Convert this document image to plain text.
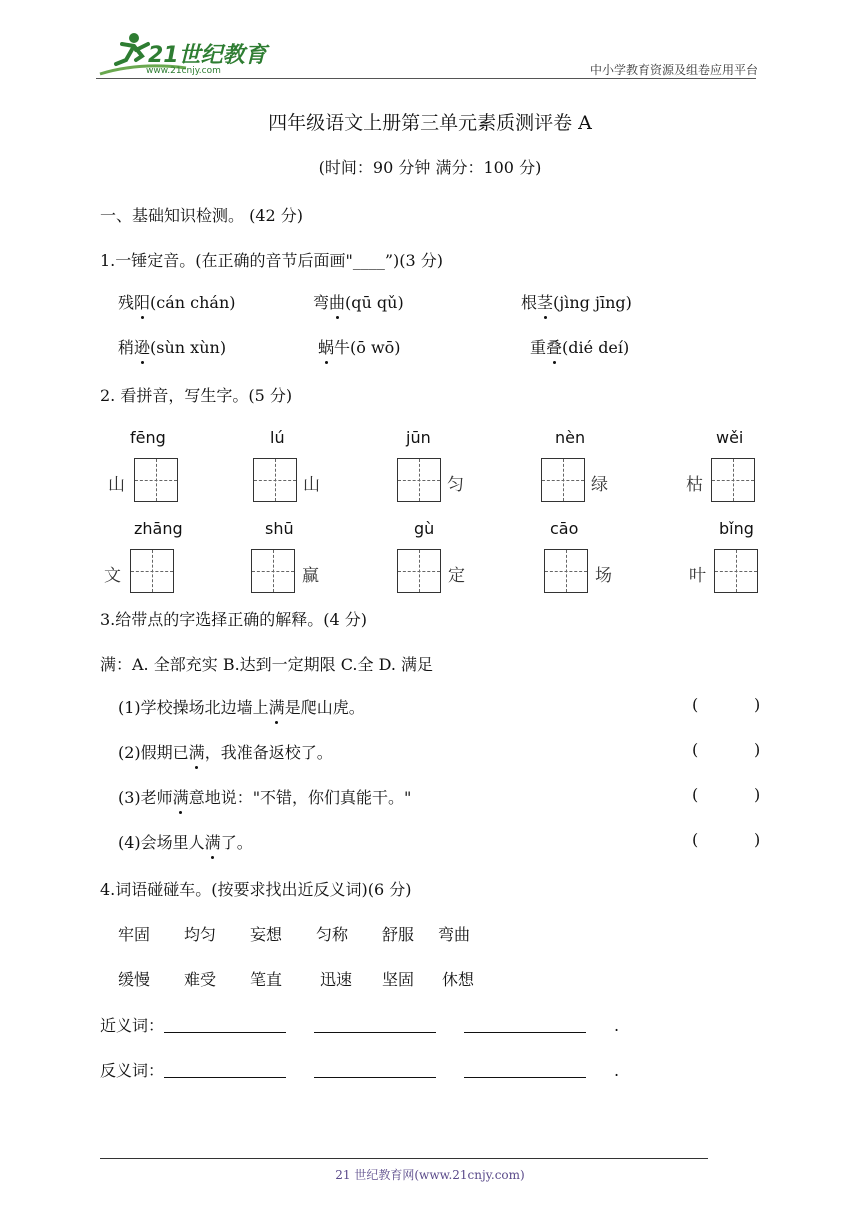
21世纪教育
www.21cnjy.com	中小学教育资源及组卷应用平台
四年级语文上册第三单元素质测评卷 A
(时间：90 分钟 满分：100 分)
一、基础知识检测。 (42 分)
1.一锤定音。(在正确的音节后面画"____”)(3 分)
残阳(cán chán)	弯曲(qū qǔ)	根茎(jìng jīng)
稍逊(sùn xùn)	蜗牛(ō wō)	重叠(dié deí)
2. 看拼音，写生字。(5 分)
fēng	lú	jūn	nèn	wěi
山	山	匀	绿	枯
zhāng	shū	gù	cāo	bǐng
文	赢	定	场	叶
3.给带点的字选择正确的解释。(4 分)
满：A. 全部充实 B.达到一定期限 C.全 D. 满足
(1)学校操场北边墙上满是爬山虎。
(2)假期已满，我准备返校了。
(3)老师满意地说："不错，你们真能干。"
(4)会场里人满了。
(	)
(	)
(	)
(	)
4.词语碰碰车。(按要求找出近反义词)(6 分)
牢固 均匀 妄想 匀称 舒服 弯曲
缓慢 难受 笔直 迅速 坚固 休想
近义词：	.
反义词：	.
21 世纪教育网(www.21cnjy.com)
